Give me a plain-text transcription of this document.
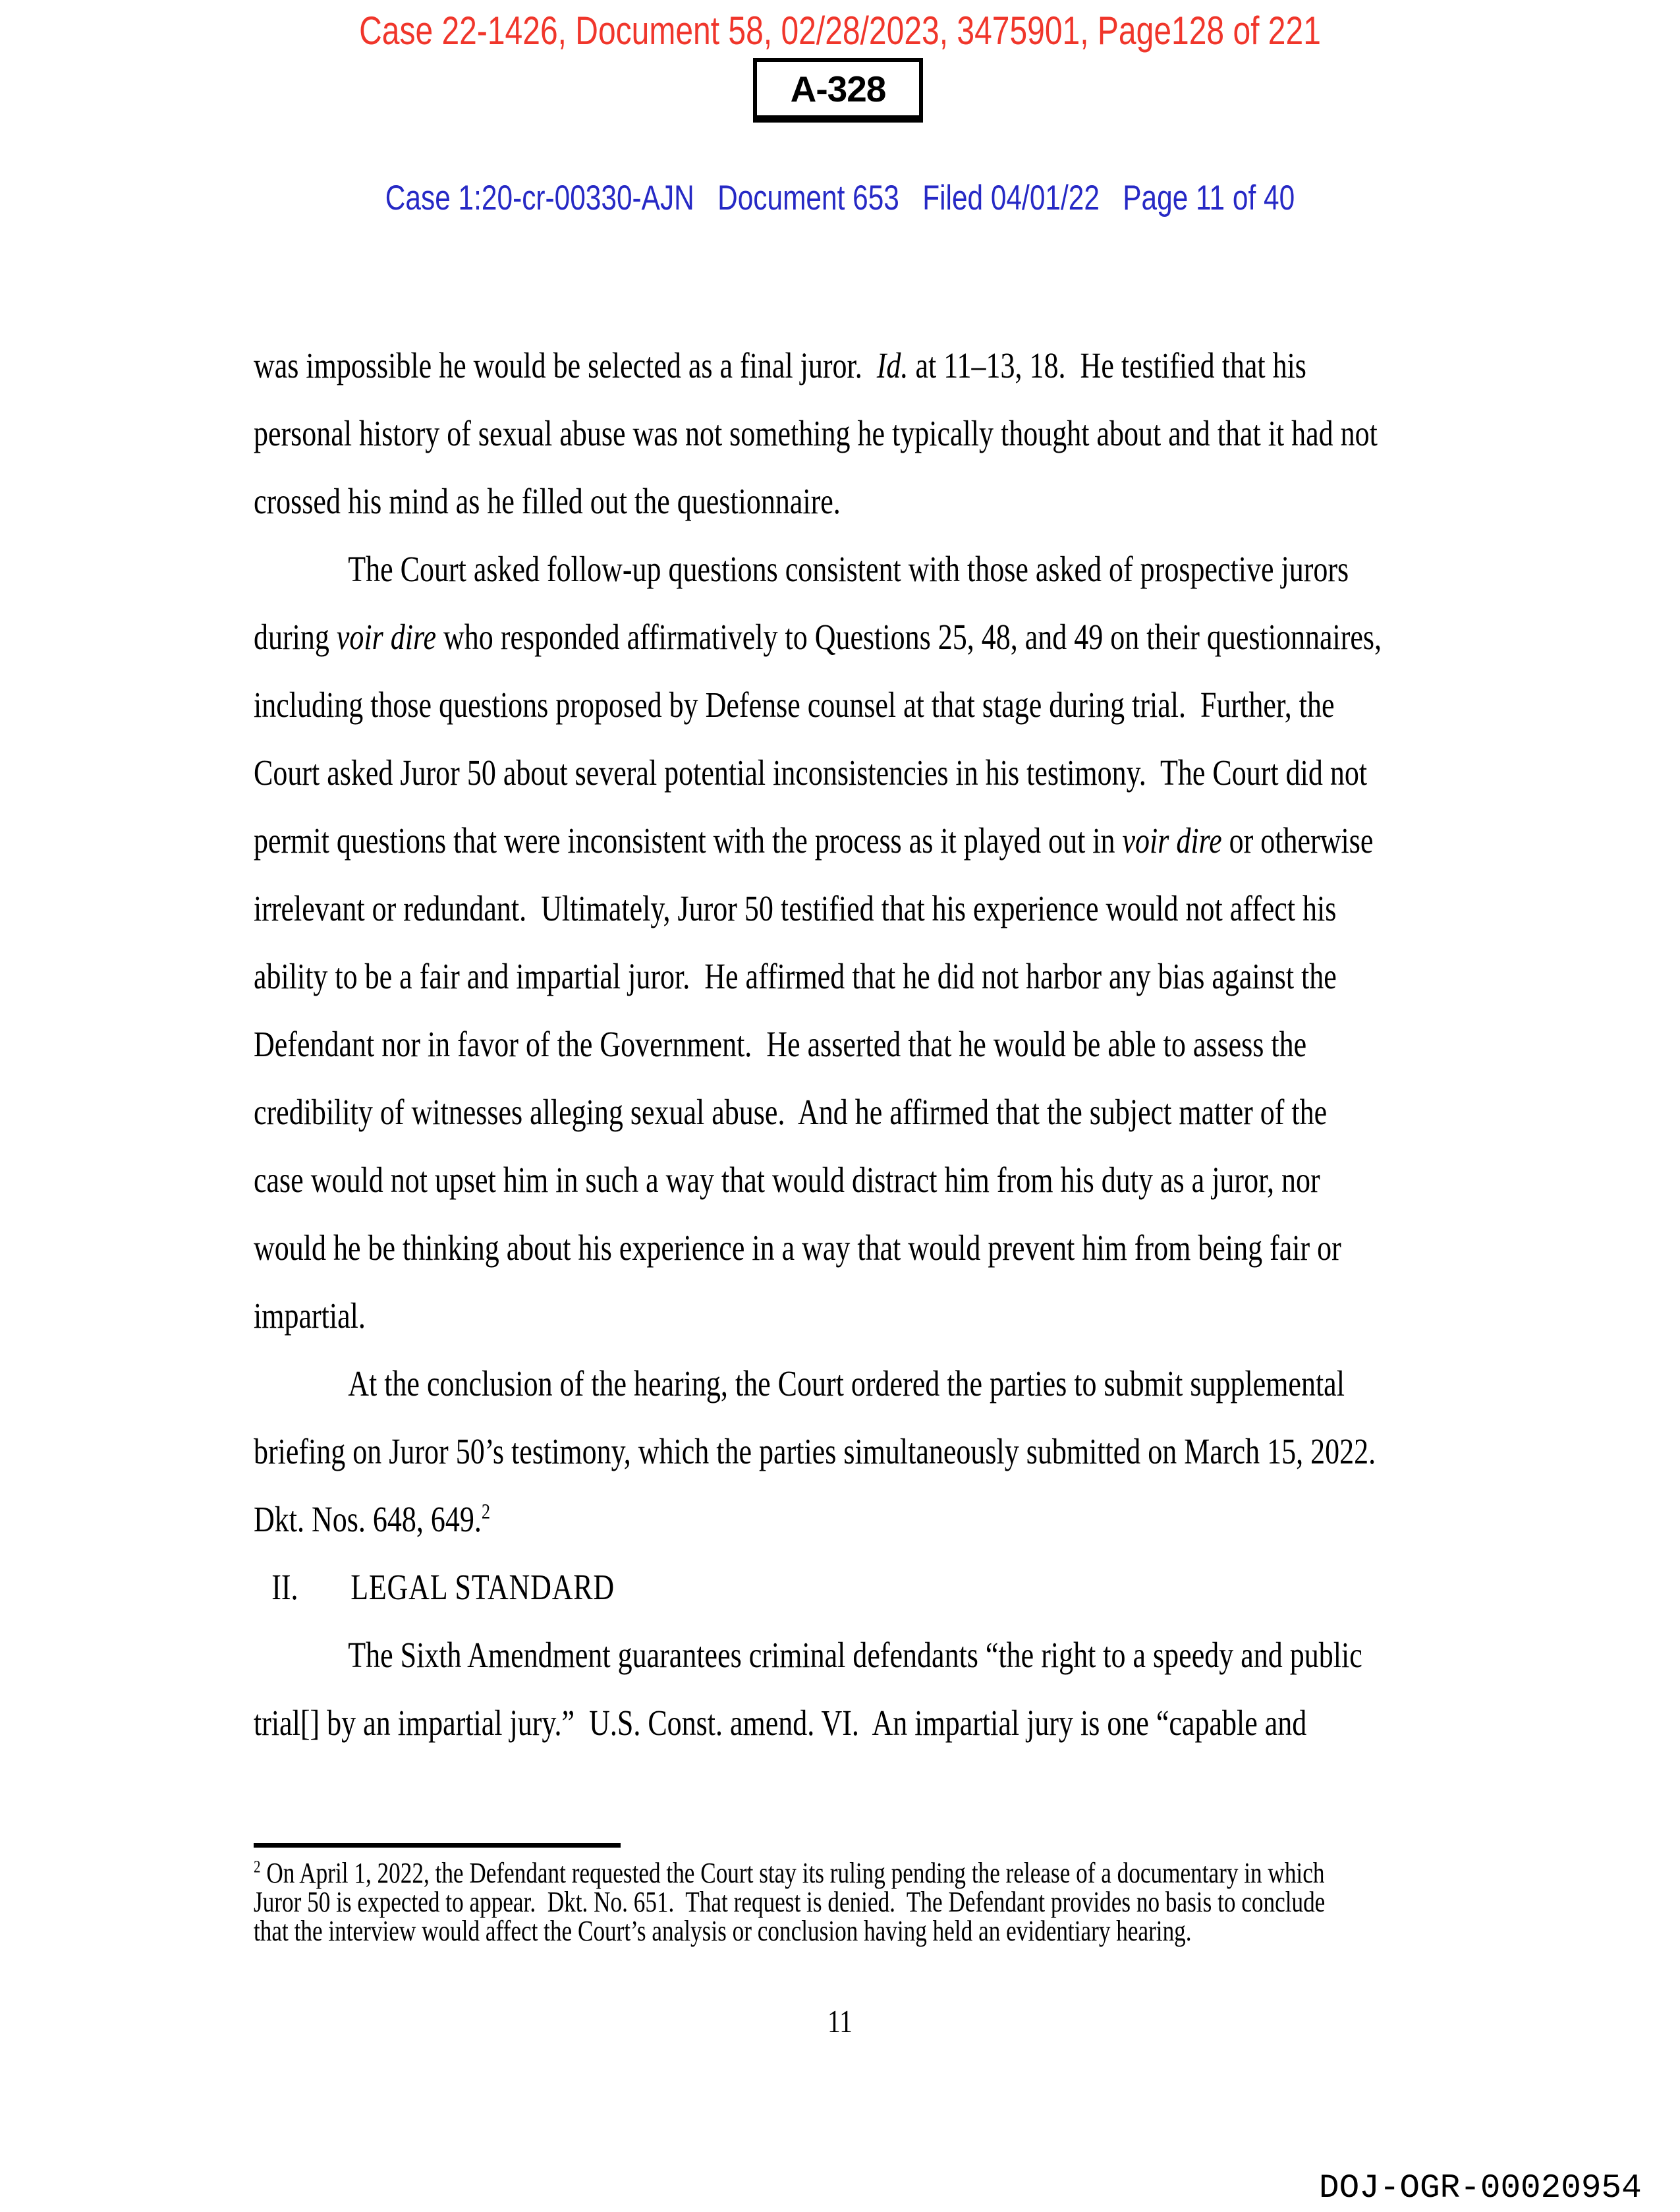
Case 22-1426, Document 58, 02/28/2023, 3475901, Page128 of 221
A-328
Case 1:20-cr-00330-AJN   Document 653   Filed 04/01/22   Page 11 of 40
was impossible he would be selected as a final juror.  Id. at 11–13, 18.  He testified that his
personal history of sexual abuse was not something he typically thought about and that it had not
crossed his mind as he filled out the questionnaire.
The Court asked follow-up questions consistent with those asked of prospective jurors
during voir dire who responded affirmatively to Questions 25, 48, and 49 on their questionnaires,
including those questions proposed by Defense counsel at that stage during trial.  Further, the
Court asked Juror 50 about several potential inconsistencies in his testimony.  The Court did not
permit questions that were inconsistent with the process as it played out in voir dire or otherwise
irrelevant or redundant.  Ultimately, Juror 50 testified that his experience would not affect his
ability to be a fair and impartial juror.  He affirmed that he did not harbor any bias against the
Defendant nor in favor of the Government.  He asserted that he would be able to assess the
credibility of witnesses alleging sexual abuse.  And he affirmed that the subject matter of the
case would not upset him in such a way that would distract him from his duty as a juror, nor
would he be thinking about his experience in a way that would prevent him from being fair or
impartial.
At the conclusion of the hearing, the Court ordered the parties to submit supplemental
briefing on Juror 50’s testimony, which the parties simultaneously submitted on March 15, 2022.
Dkt. Nos. 648, 649.$^2$
II. LEGAL STANDARD
The Sixth Amendment guarantees criminal defendants “the right to a speedy and public
trial[] by an impartial jury.”  U.S. Const. amend. VI.  An impartial jury is one “capable and
$^2$ On April 1, 2022, the Defendant requested the Court stay its ruling pending the release of a documentary in which
Juror 50 is expected to appear.  Dkt. No. 651.  That request is denied.  The Defendant provides no basis to conclude
that the interview would affect the Court’s analysis or conclusion having held an evidentiary hearing.
11
DOJ-OGR-00020954
